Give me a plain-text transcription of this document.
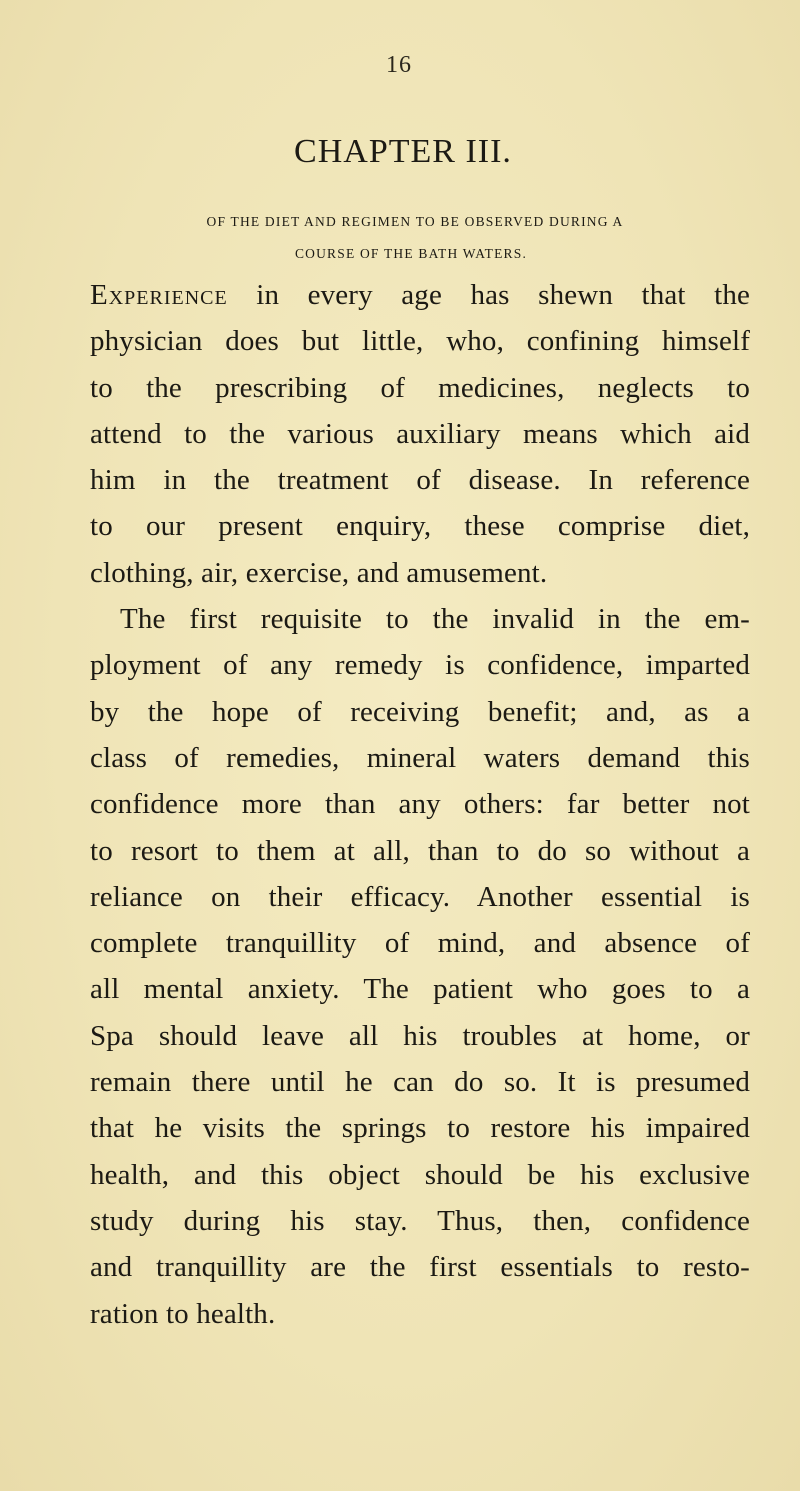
16
CHAPTER III.
OF THE DIET AND REGIMEN TO BE OBSERVED DURING A
COURSE OF THE BATH WATERS.
Experience in every age has shewn that the
physician does but little, who, confining himself
to the prescribing of medicines, neglects to
attend to the various auxiliary means which aid
him in the treatment of disease. In reference
to our present enquiry, these comprise diet,
clothing, air, exercise, and amusement.
The first requisite to the invalid in the em-
ployment of any remedy is confidence, imparted
by the hope of receiving benefit; and, as a
class of remedies, mineral waters demand this
confidence more than any others: far better not
to resort to them at all, than to do so without a
reliance on their efficacy. Another essential is
complete tranquillity of mind, and absence of
all mental anxiety. The patient who goes to a
Spa should leave all his troubles at home, or
remain there until he can do so. It is presumed
that he visits the springs to restore his impaired
health, and this object should be his exclusive
study during his stay. Thus, then, confidence
and tranquillity are the first essentials to resto-
ration to health.
